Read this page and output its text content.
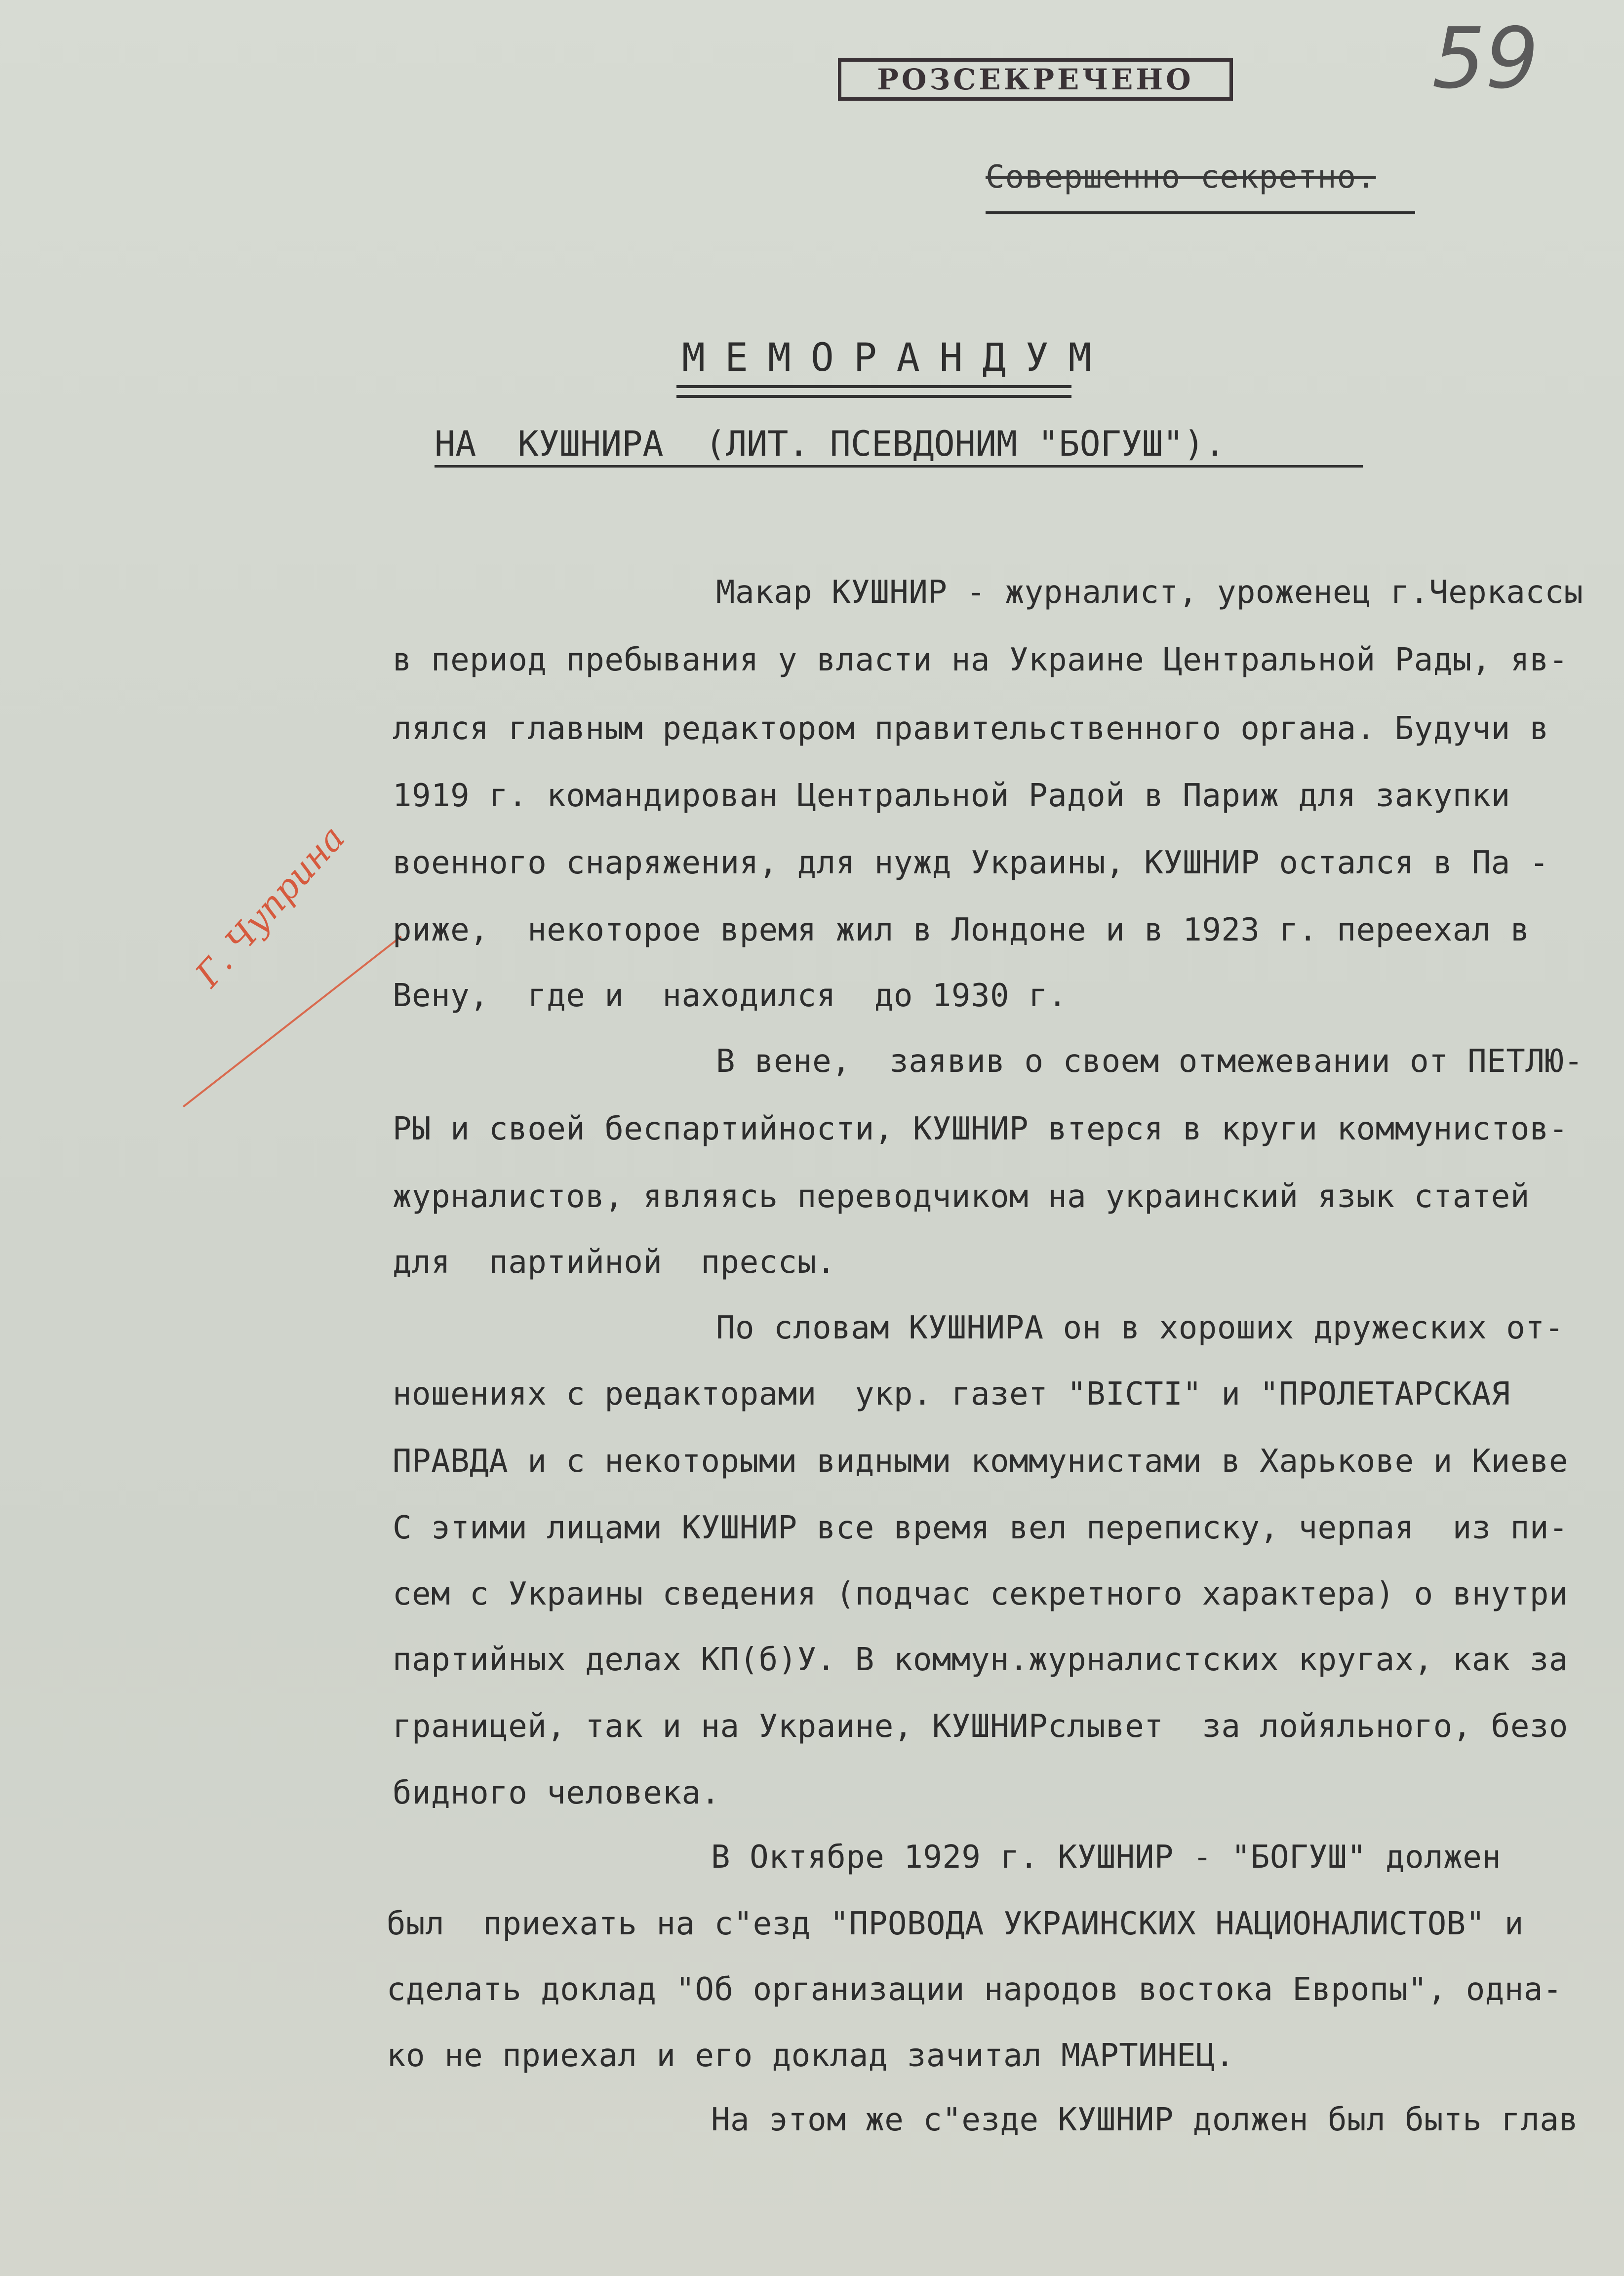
РОЗСЕКРЕЧЕНО	59
Совершенно секретно.
МЕМОРАНДУМ
НА  КУШНИРА  (ЛИТ. ПСЕВДОНИМ "БОГУШ").
Г. Чуприна
Макар КУШНИР - журналист, уроженец г.Черкассы
в период пребывания у власти на Украине Центральной Рады, яв-
лялся главным редактором правительственного органа. Будучи в
1919 г. командирован Центральной Радой в Париж для закупки
военного снаряжения, для нужд Украины, КУШНИР остался в Па -
риже,  некоторое время жил в Лондоне и в 1923 г. переехал в
Вену,  где и  находился  до 1930 г.
В вене,  заявив о своем отмежевании от ПЕТЛЮ-
РЫ и своей беспартийности, КУШНИР втерся в круги коммунистов-
журналистов, являясь переводчиком на украинский язык статей
для  партийной  прессы.
По словам КУШНИРА он в хороших дружеских от-
ношениях с редакторами  укр. газет "ВІСТІ" и "ПРОЛЕТАРСКАЯ
ПРАВДА и с некоторыми видными коммунистами в Харькове и Киеве
С этими лицами КУШНИР все время вел переписку, черпая  из пи-
сем с Украины сведения (подчас секретного характера) о внутри
партийных делах КП(б)У. В коммун.журналистских кругах, как за
границей, так и на Украине, КУШНИРслывет  за лойяльного, безо
бидного человека.
В Октябре 1929 г. КУШНИР - "БОГУШ" должен
был  приехать на с"езд "ПРОВОДА УКРАИНСКИХ НАЦИОНАЛИСТОВ" и
сделать доклад "Об организации народов востока Европы", одна-
ко не приехал и его доклад зачитал МАРТИНЕЦ.
На этом же с"езде КУШНИР должен был быть глав
